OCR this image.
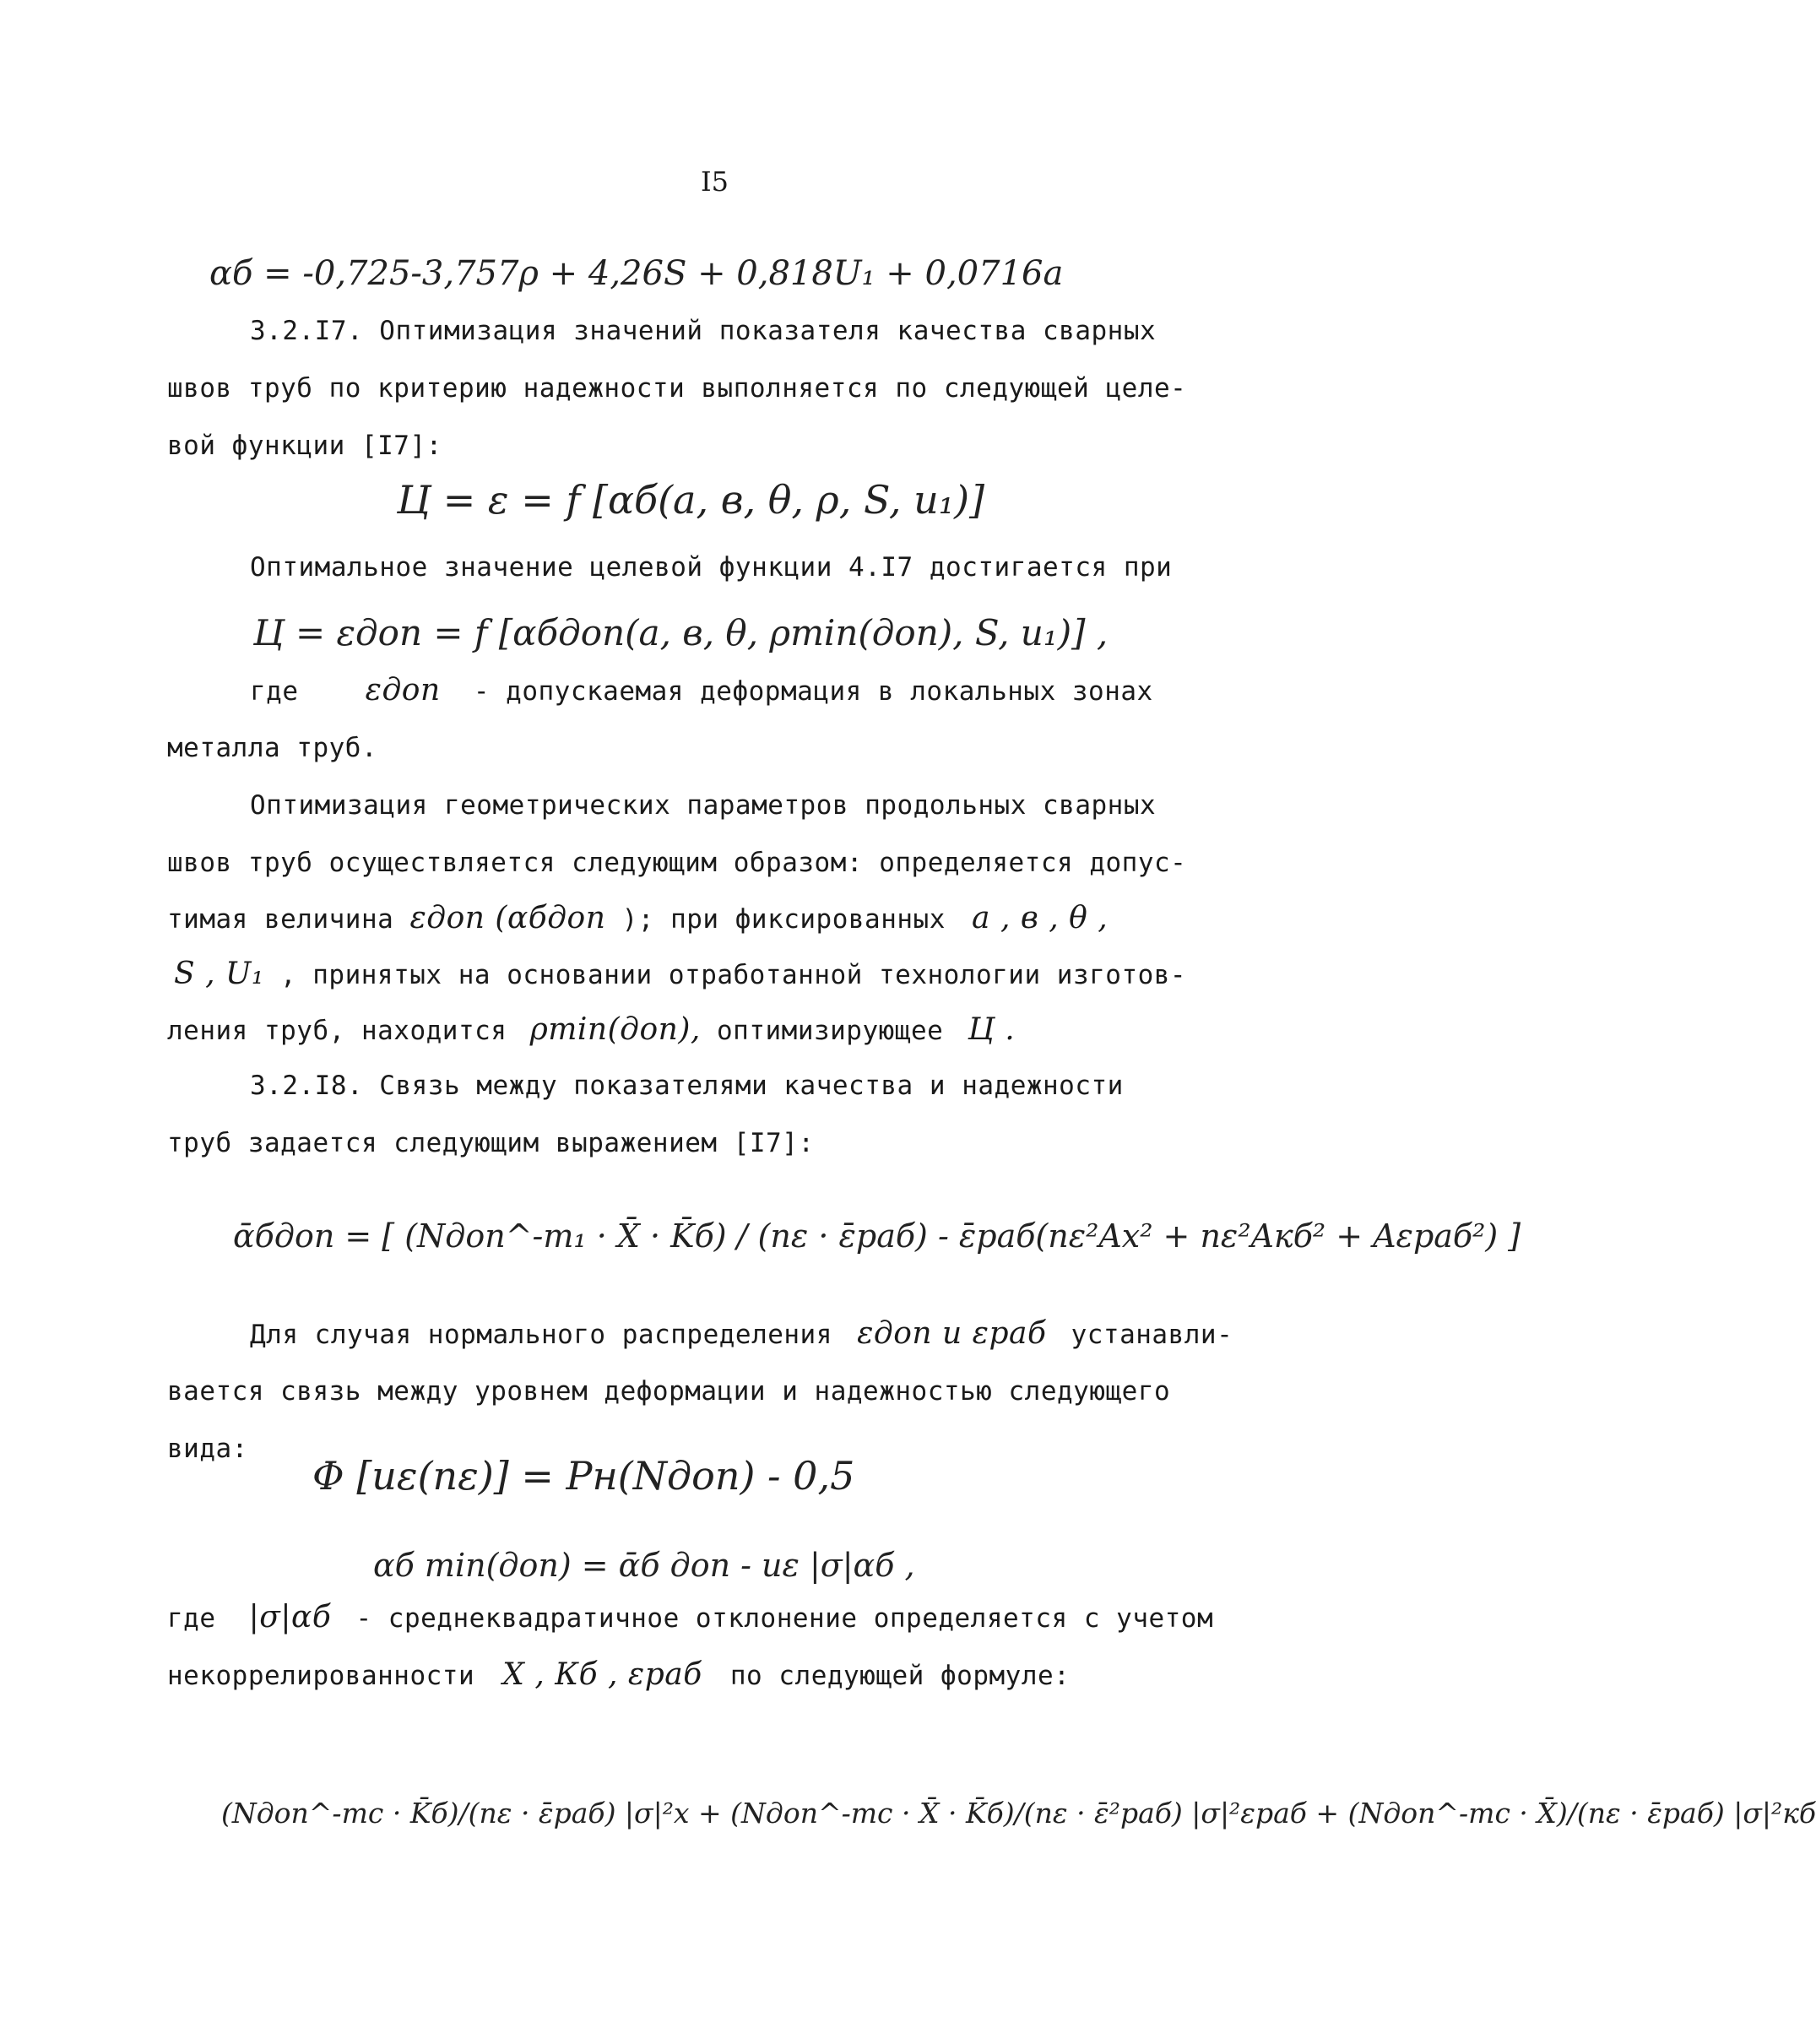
I5
αб = -0,725-3,757ρ + 4,26S + 0,818U₁ + 0,0716a
3.2.I7. Оптимизация значений показателя качества сварных
швов труб по критерию надежности выполняется по следующей целе-
вой функции [I7]:
Ц = ε = f [αб(a, в, θ, ρ, S, u₁)]
Оптимальное значение целевой функции 4.I7 достигается при
Ц = εдоп = f [αбдоп(a, в, θ, ρmin(доп), S, u₁)] ,
где εдоп - допускаемая деформация в локальных зонах
металла труб.
Оптимизация геометрических параметров продольных сварных
швов труб осуществляется следующим образом: определяется допус-
тимая величина εдоп (αбдоп ); при фиксированных a , в , θ ,
S , U₁ , принятых на основании отработанной технологии изготов-
ления труб, находится ρmin(доп), оптимизирующее Ц .
3.2.I8. Связь между показателями качества и надежности
труб задается следующим выражением [I7]:
ᾱбдоп = [ (Nдоп^-m₁ · X̄ · K̄б) / (nε · ε̄раб) - ε̄раб(nε²Aх² + nε²Aкб² + Aεраб²) ]
Для случая нормального распределения εдоп и εраб устанавли-
вается связь между уровнем деформации и надежностью следующего
вида:
Φ [uε(nε)] = Pн(Nдоп) - 0,5
αб min(доп) = ᾱб доп - uε |σ|αб ,
где |σ|αб - среднеквадратичное отклонение определяется с учетом
некоррелированности X , Кб , εраб по следующей формуле:
(Nдоп^-mc · K̄б)/(nε · ε̄раб) |σ|²х + (Nдоп^-mc · X̄ · K̄б)/(nε · ε̄²раб) |σ|²εраб + (Nдоп^-mc · X̄)/(nε · ε̄раб) |σ|²кб
